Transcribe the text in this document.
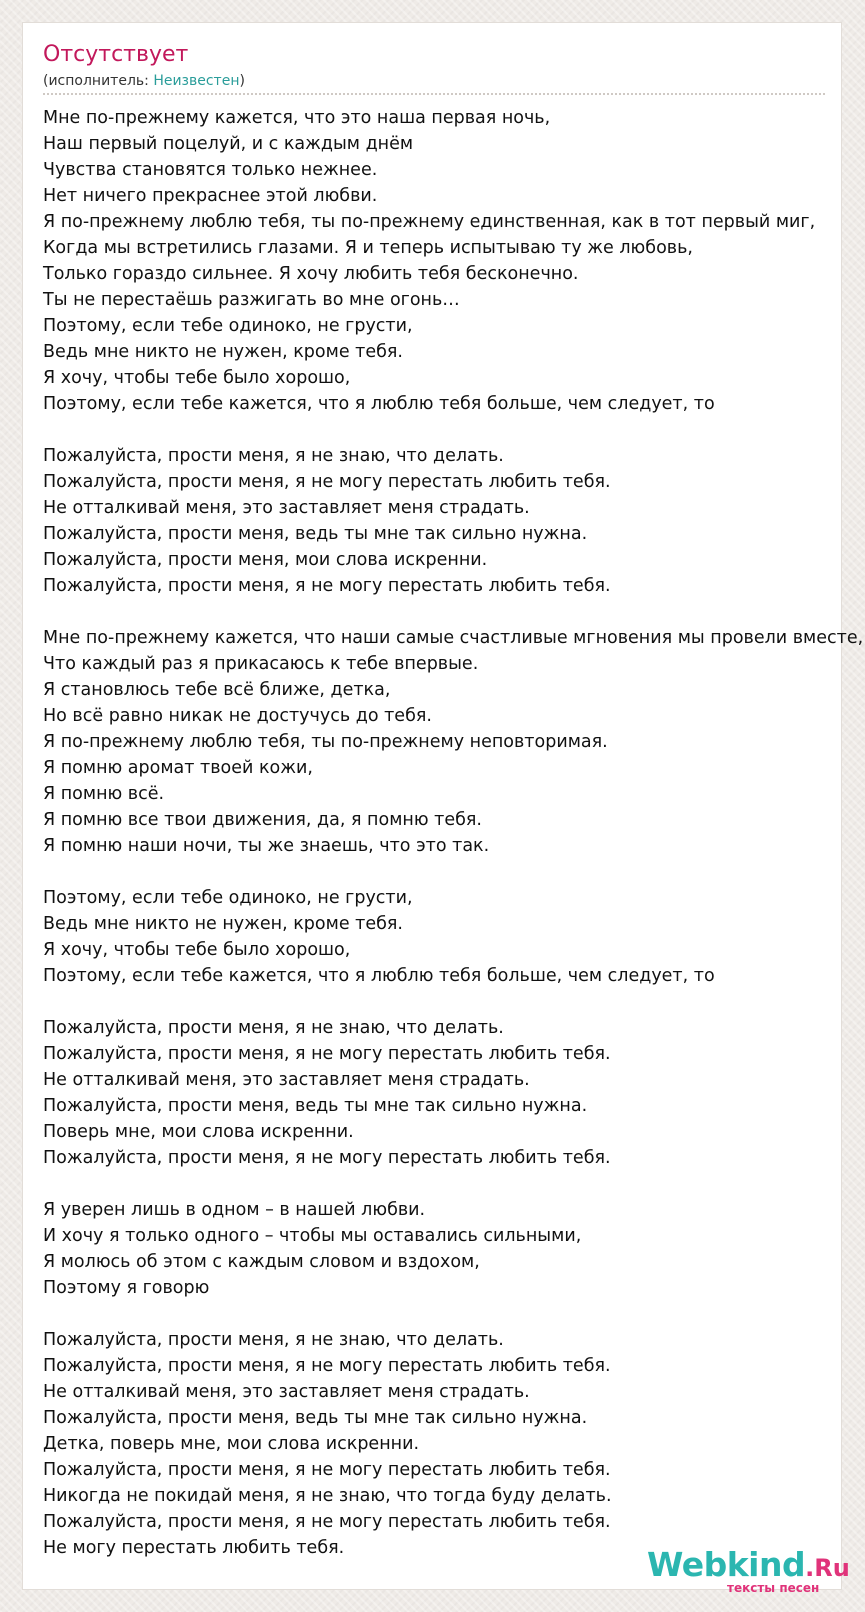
Отсутствует
(исполнитель: Неизвестен)
Мне по-прежнему кажется, что это наша первая ночь,
Наш первый поцелуй, и с каждым днём
Чувства становятся только нежнее.
Нет ничего прекраснее этой любви.
Я по-прежнему люблю тебя, ты по-прежнему единственная, как в тот первый миг,
Когда мы встретились глазами. Я и теперь испытываю ту же любовь,
Только гораздо сильнее. Я хочу любить тебя бесконечно.
Ты не перестаёшь разжигать во мне огонь…
Поэтому, если тебе одиноко, не грусти,
Ведь мне никто не нужен, кроме тебя.
Я хочу, чтобы тебе было хорошо,
Поэтому, если тебе кажется, что я люблю тебя больше, чем следует, то
Пожалуйста, прости меня, я не знаю, что делать.
Пожалуйста, прости меня, я не могу перестать любить тебя.
Не отталкивай меня, это заставляет меня страдать.
Пожалуйста, прости меня, ведь ты мне так сильно нужна.
Пожалуйста, прости меня, мои слова искренни.
Пожалуйста, прости меня, я не могу перестать любить тебя.
Мне по-прежнему кажется, что наши самые счастливые мгновения мы провели вместе,
Что каждый раз я прикасаюсь к тебе впервые.
Я становлюсь тебе всё ближе, детка,
Но всё равно никак не достучусь до тебя.
Я по-прежнему люблю тебя, ты по-прежнему неповторимая.
Я помню аромат твоей кожи,
Я помню всё.
Я помню все твои движения, да, я помню тебя.
Я помню наши ночи, ты же знаешь, что это так.
Поэтому, если тебе одиноко, не грусти,
Ведь мне никто не нужен, кроме тебя.
Я хочу, чтобы тебе было хорошо,
Поэтому, если тебе кажется, что я люблю тебя больше, чем следует, то
Пожалуйста, прости меня, я не знаю, что делать.
Пожалуйста, прости меня, я не могу перестать любить тебя.
Не отталкивай меня, это заставляет меня страдать.
Пожалуйста, прости меня, ведь ты мне так сильно нужна.
Поверь мне, мои слова искренни.
Пожалуйста, прости меня, я не могу перестать любить тебя.
Я уверен лишь в одном – в нашей любви.
И хочу я только одного – чтобы мы оставались сильными,
Я молюсь об этом с каждым словом и вздохом,
Поэтому я говорю
Пожалуйста, прости меня, я не знаю, что делать.
Пожалуйста, прости меня, я не могу перестать любить тебя.
Не отталкивай меня, это заставляет меня страдать.
Пожалуйста, прости меня, ведь ты мне так сильно нужна.
Детка, поверь мне, мои слова искренни.
Пожалуйста, прости меня, я не могу перестать любить тебя.
Никогда не покидай меня, я не знаю, что тогда буду делать.
Пожалуйста, прости меня, я не могу перестать любить тебя.
Не могу перестать любить тебя.	Webkind.Ru
тексты песен
